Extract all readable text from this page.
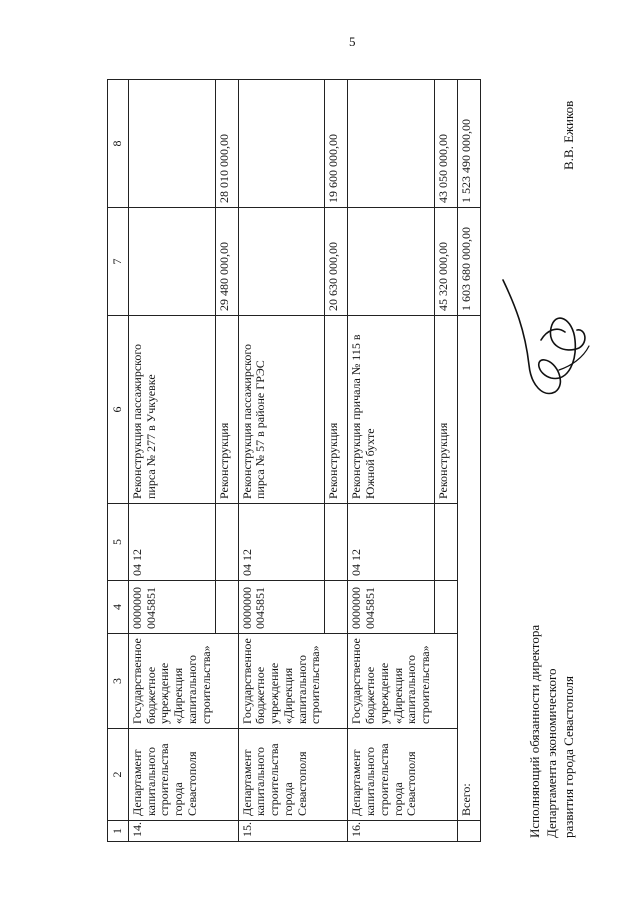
5
1	2	3	4	5	6	7	8
14.	Департамент капитального строительства города Севастополя	Государственное бюджетное учреждение «Дирекция капитального строительства»	0000000 0045851	04 12	Реконструкция пассажирского пирса № 277 в Учкуевке		
					Реконструкция	29 480 000,00	28 010 000,00
15.	Департамент капитального строительства города Севастополя	Государственное бюджетное учреждение «Дирекция капитального строительства»	0000000 0045851	04 12	Реконструкция пассажирского пирса № 57 в районе ГРЭС		
					Реконструкция	20 630 000,00	19 600 000,00
16.	Департамент капитального строительства города Севастополя	Государственное бюджетное учреждение «Дирекция капитального строительства»	0000000 0045851	04 12	Реконструкция причала № 115 в Южной бухте		
					Реконструкция	45 320 000,00	43 050 000,00
	Всего:					1 603 680 000,00	1 523 490 000,00
Исполняющий обязанности директора Департамента экономического развития города Севастополя
В.В. Ежиков
